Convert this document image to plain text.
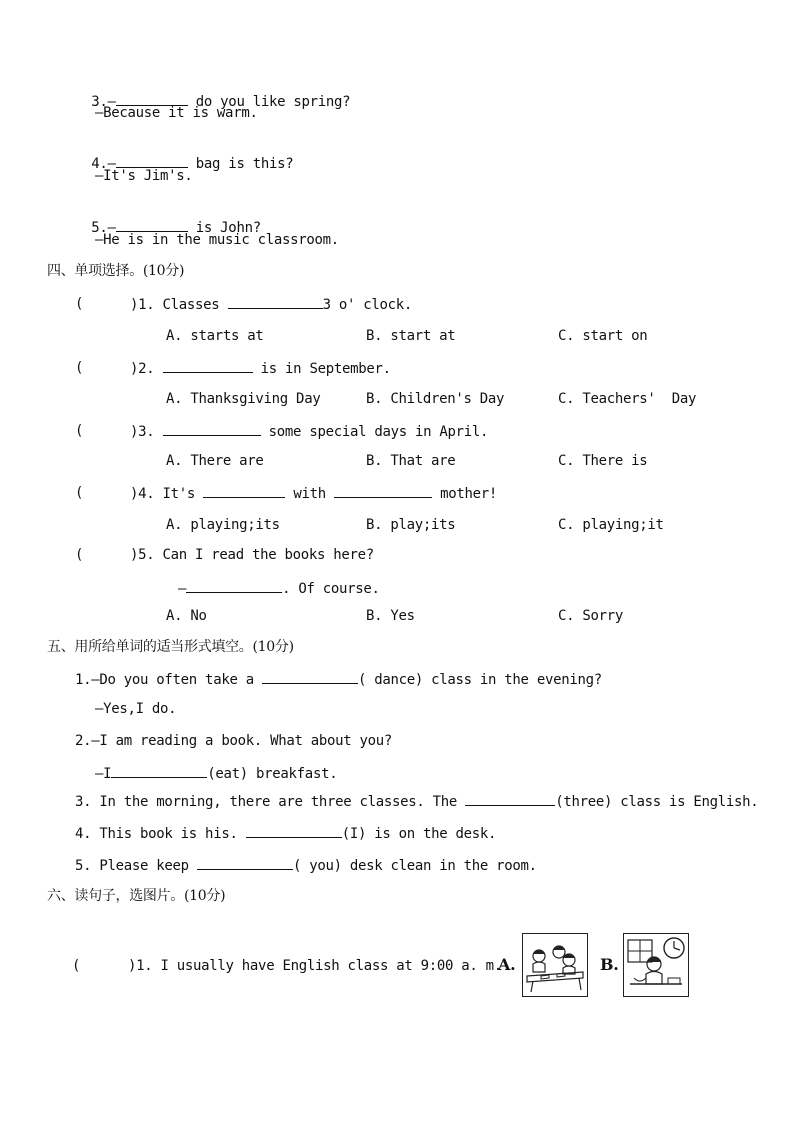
3.—	do you like spring?

—Because it is warm.

4.—	bag is this?

—It's Jim's.

5.—	is John?

—He is in the music classroom.
四、单项选择。(10分)
(	)1. Classes	3 o' clock.
A. starts at	B. start at	C. start on
(	)2.	is in September.
A. Thanksgiving Day	B. Children's Day	C. Teachers'  Day
(	)3.	some special days in April.
A. There are	B. That are	C. There is
(	)4. It's	with	mother!
A. playing;its	B. play;its	C. playing;it
(	)5. Can I read the books here?
—	. Of course.
A. No	B. Yes	C. Sorry
五、用所给单词的适当形式填空。(10分)
1.—Do you often take a	( dance) class in the evening?
—Yes,I do.
2.—I am reading a book. What about you?
—I	(eat) breakfast.
3. In the morning, there are three classes. The	(three) class is English.
4. This book is his.	(I) is on the desk.
5. Please keep	( you) desk clean in the room.
六、读句子，选图片。(10分)
(	)1. I usually have English class at 9:00 a. m.
A.	B.
